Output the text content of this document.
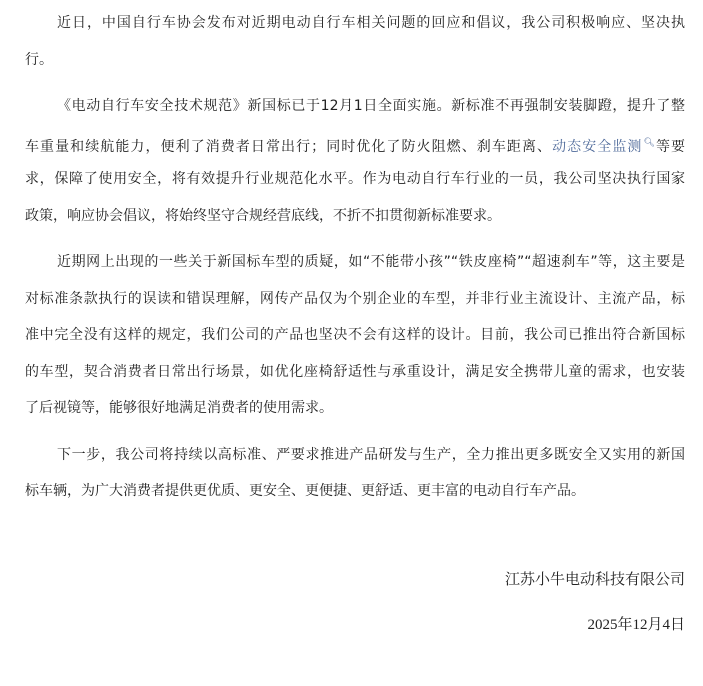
近日，中国自行车协会发布对近期电动自行车相关问题的回应和倡议，我公司积极响应、坚决执
行。
《电动自行车安全技术规范》新国标已于12月1日全面实施。新标准不再强制安装脚蹬，提升了整
车重量和续航能力，便利了消费者日常出行；同时优化了防火阻燃、刹车距离、动态安全监测🔍︎等要
求，保障了使用安全，将有效提升行业规范化水平。作为电动自行车行业的一员，我公司坚决执行国家
政策，响应协会倡议，将始终坚守合规经营底线，不折不扣贯彻新标准要求。
近期网上出现的一些关于新国标车型的质疑，如“不能带小孩”“铁皮座椅”“超速刹车”等，这主要是
对标准条款执行的误读和错误理解，网传产品仅为个别企业的车型，并非行业主流设计、主流产品，标
准中完全没有这样的规定，我们公司的产品也坚决不会有这样的设计。目前，我公司已推出符合新国标
的车型，契合消费者日常出行场景，如优化座椅舒适性与承重设计，满足安全携带儿童的需求，也安装
了后视镜等，能够很好地满足消费者的使用需求。
下一步，我公司将持续以高标准、严要求推进产品研发与生产，全力推出更多既安全又实用的新国
标车辆，为广大消费者提供更优质、更安全、更便捷、更舒适、更丰富的电动自行车产品。
江苏小牛电动科技有限公司
2025年12月4日
